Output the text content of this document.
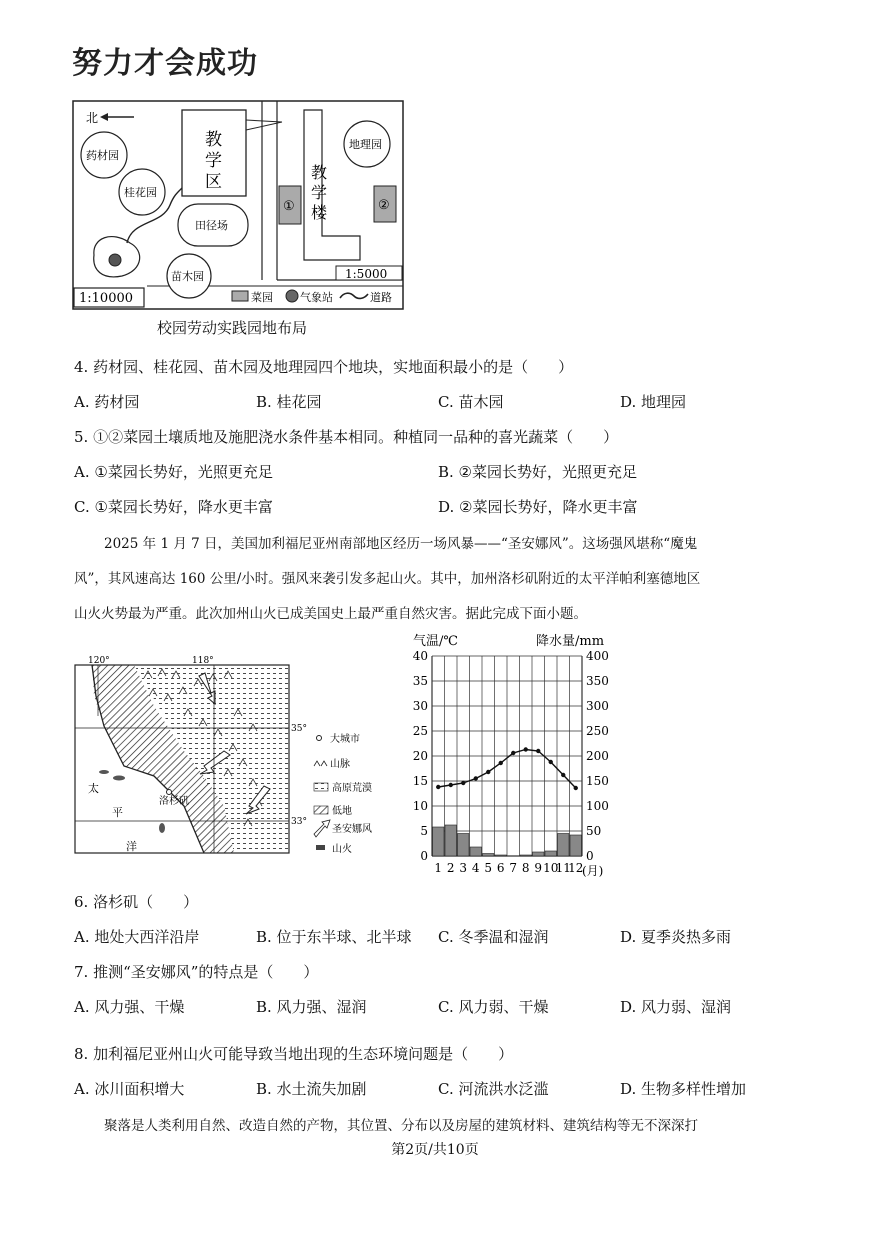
努力才会成功
北
教
学
区
药材园
桂花园
田径场
苗木园
1:10000
教
学
楼
①	②
地理园
1:5000
菜园 气象站	道路
校园劳动实践园地布局
4. 药材园、桂花园、苗木园及地理园四个地块，实地面积最小的是（　　）
A. 药材园	B. 桂花园	C. 苗木园	D. 地理园
5. ①②菜园土壤质地及施肥浇水条件基本相同。种植同一品种的喜光蔬菜（　　）
A. ①菜园长势好，光照更充足	B. ②菜园长势好，光照更充足
C. ①菜园长势好，降水更丰富	D. ②菜园长势好，降水更丰富
2025 年 1 月 7 日，美国加利福尼亚州南部地区经历一场风暴——“圣安娜风”。这场强风堪称“魔鬼
风”，其风速高达 160 公里/小时。强风来袭引发多起山火。其中，加州洛杉矶附近的太平洋帕利塞德地区
山火火势最为严重。此次加州山火已成美国史上最严重自然灾害。据此完成下面小题。
洛杉矶
120°	118°
35°
33°
太
平
洋
大城市
山脉
高原荒漠
低地
圣安娜风
山火
气温/℃	降水量/mm
(月)
40	400
35	350
30	300
25	250
20	200
15	150
10	100
5	50
0	0
1 2 3 4 5 6 7 8 9 10
11
12
6. 洛杉矶（　　）
A. 地处大西洋沿岸	B. 位于东半球、北半球 C. 冬季温和湿润	D. 夏季炎热多雨
7. 推测“圣安娜风”的特点是（　　）
A. 风力强、干燥	B. 风力强、湿润	C. 风力弱、干燥	D. 风力弱、湿润
8. 加利福尼亚州山火可能导致当地出现的生态环境问题是（　　）
A. 冰川面积增大	B. 水土流失加剧	C. 河流洪水泛滥	D. 生物多样性增加
聚落是人类利用自然、改造自然的产物，其位置、分布以及房屋的建筑材料、建筑结构等无不深深打
第2页/共10页
